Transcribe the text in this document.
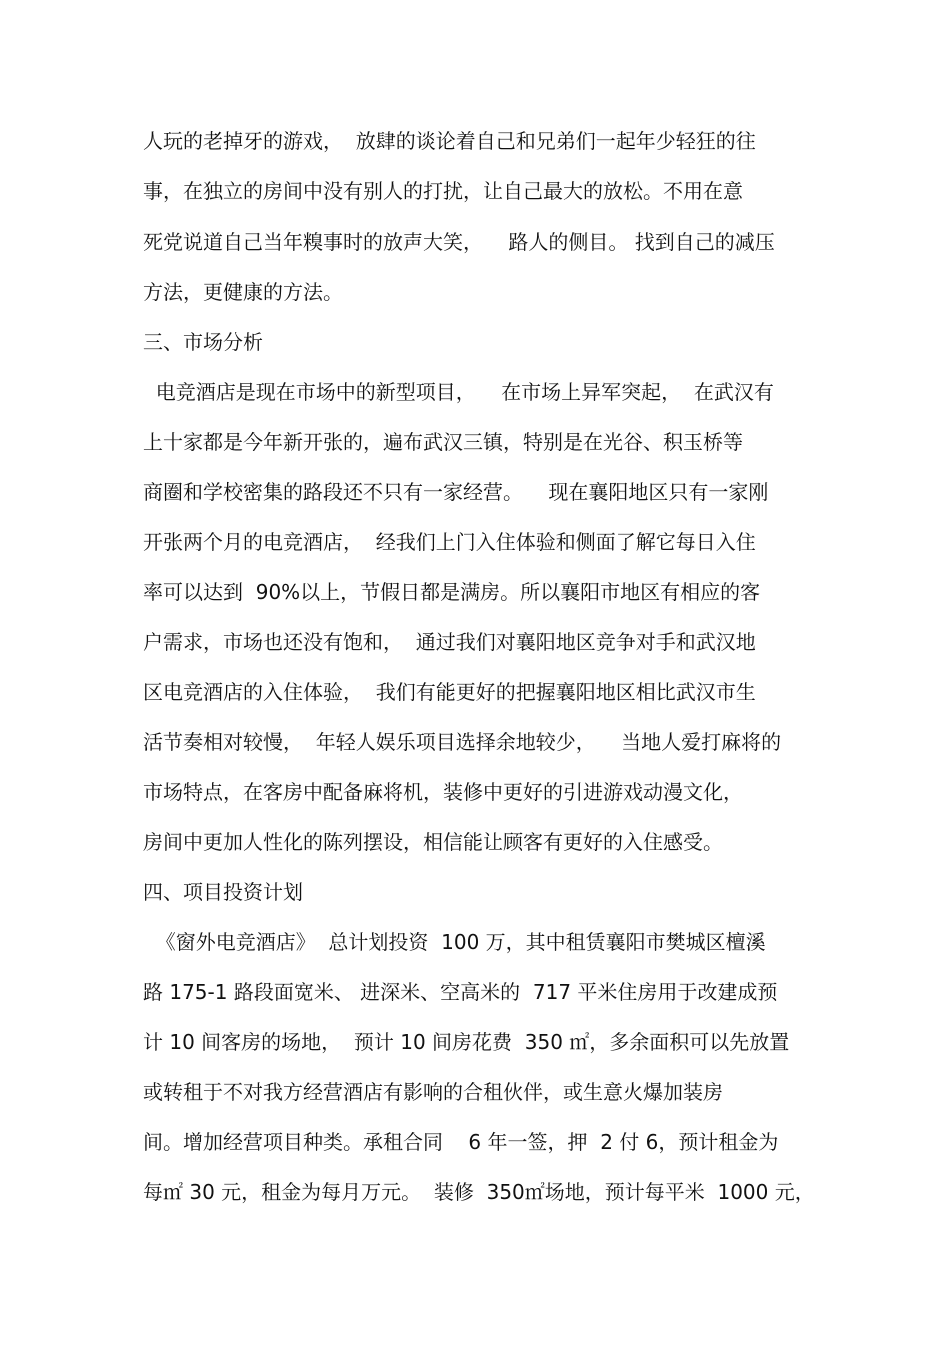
人玩的老掉牙的游戏，  放肆的谈论着自己和兄弟们一起年少轻狂的往
事，在独立的房间中没有别人的打扰，让自己最大的放松。不用在意
死党说道自己当年糗事时的放声大笑，    路人的侧目。 找到自己的减压
方法，更健康的方法。
三、市场分析
电竞酒店是现在市场中的新型项目，    在市场上异军突起，  在武汉有
上十家都是今年新开张的，遍布武汉三镇，特别是在光谷、积玉桥等
商圈和学校密集的路段还不只有一家经营。    现在襄阳地区只有一家刚
开张两个月的电竞酒店，  经我们上门入住体验和侧面了解它每日入住
率可以达到  90%以上，节假日都是满房。所以襄阳市地区有相应的客
户需求，市场也还没有饱和，  通过我们对襄阳地区竞争对手和武汉地
区电竞酒店的入住体验，  我们有能更好的把握襄阳地区相比武汉市生
活节奏相对较慢，  年轻人娱乐项目选择余地较少，    当地人爱打麻将的
市场特点，在客房中配备麻将机，装修中更好的引进游戏动漫文化，
房间中更加人性化的陈列摆设，相信能让顾客有更好的入住感受。
四、项目投资计划
《窗外电竞酒店》  总计划投资  100 万，其中租赁襄阳市樊城区檀溪
路 175-1 路段面宽米、 进深米、空高米的  717 平米住房用于改建成预
计 10 间客房的场地，  预计 10 间房花费  350 ㎡，多余面积可以先放置
或转租于不对我方经营酒店有影响的合租伙伴，或生意火爆加装房
间。增加经营项目种类。承租合同    6 年一签，押  2 付 6，预计租金为
每㎡ 30 元，租金为每月万元。  装修  350㎡场地，预计每平米  1000 元，
